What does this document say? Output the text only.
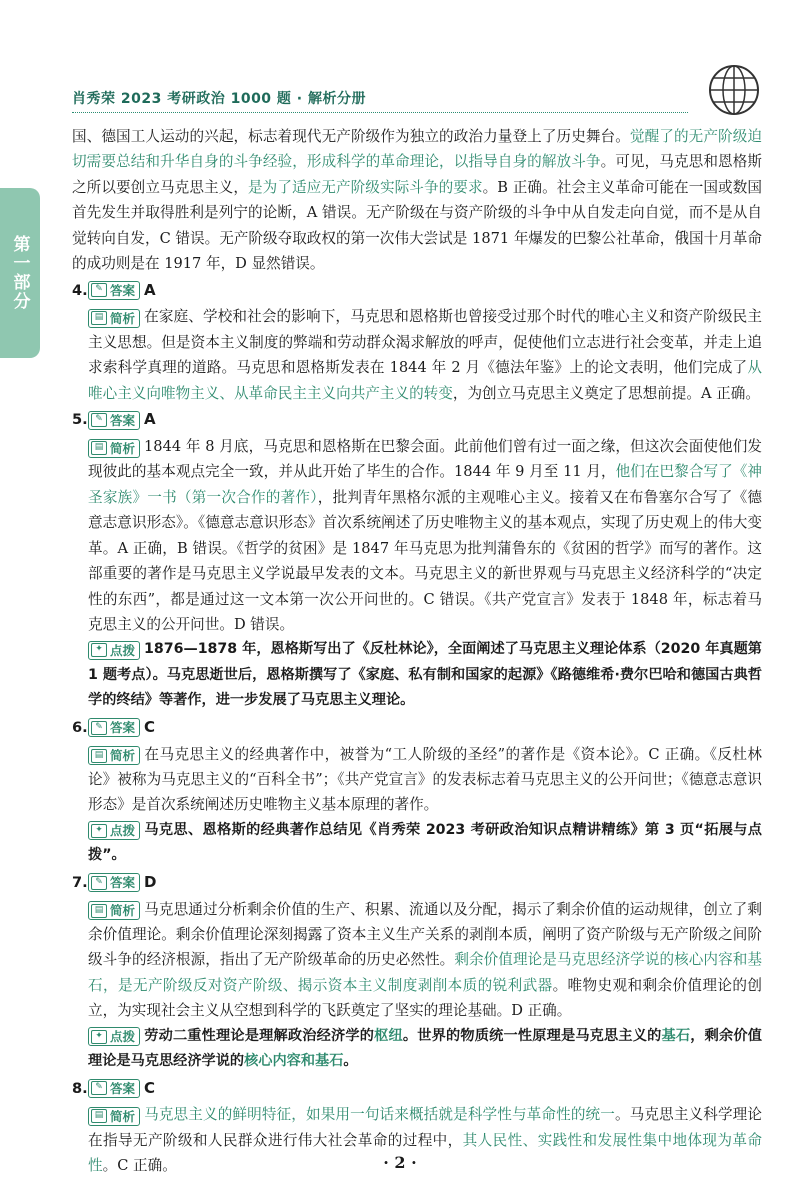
肖秀荣 2023 考研政治 1000 题 · 解析分册
第一部分

国、德国工人运动的兴起，标志着现代无产阶级作为独立的政治力量登上了历史舞台。觉醒了的无产阶级迫切需要总结和升华自身的斗争经验，形成科学的革命理论，以指导自身的解放斗争。可见，马克思和恩格斯之所以要创立马克思主义，是为了适应无产阶级实际斗争的要求。B 正确。社会主义革命可能在一国或数国首先发生并取得胜利是列宁的论断，A 错误。无产阶级在与资产阶级的斗争中从自发走向自觉，而不是从自觉转向自发，C 错误。无产阶级夺取政权的第一次伟大尝试是 1871 年爆发的巴黎公社革命，俄国十月革命的成功则是在 1917 年，D 显然错误。

4. ✎ 答案 A

▤ 简析 在家庭、学校和社会的影响下，马克思和恩格斯也曾接受过那个时代的唯心主义和资产阶级民主主义思想。但是资本主义制度的弊端和劳动群众渴求解放的呼声，促使他们立志进行社会变革，并走上追求索科学真理的道路。马克思和恩格斯发表在 1844 年 2 月《德法年鉴》上的论文表明，他们完成了从唯心主义向唯物主义、从革命民主主义向共产主义的转变，为创立马克思主义奠定了思想前提。A 正确。

5. ✎ 答案 A

▤ 简析 1844 年 8 月底，马克思和恩格斯在巴黎会面。此前他们曾有过一面之缘，但这次会面使他们发现彼此的基本观点完全一致，并从此开始了毕生的合作。1844 年 9 月至 11 月，他们在巴黎合写了《神圣家族》一书（第一次合作的著作），批判青年黑格尔派的主观唯心主义。接着又在布鲁塞尔合写了《德意志意识形态》。《德意志意识形态》首次系统阐述了历史唯物主义的基本观点，实现了历史观上的伟大变革。A 正确，B 错误。《哲学的贫困》是 1847 年马克思为批判蒲鲁东的《贫困的哲学》而写的著作。这部重要的著作是马克思主义学说最早发表的文本。马克思主义的新世界观与马克思主义经济科学的“决定性的东西”，都是通过这一文本第一次公开问世的。C 错误。《共产党宣言》发表于 1848 年，标志着马克思主义的公开问世。D 错误。

✦ 点拨 1876—1878 年，恩格斯写出了《反杜林论》，全面阐述了马克思主义理论体系（2020 年真题第 1 题考点）。马克思逝世后，恩格斯撰写了《家庭、私有制和国家的起源》《路德维希·费尔巴哈和德国古典哲学的终结》等著作，进一步发展了马克思主义理论。

6. ✎ 答案 C

▤ 简析 在马克思主义的经典著作中，被誉为“工人阶级的圣经”的著作是《资本论》。C 正确。《反杜林论》被称为马克思主义的“百科全书”；《共产党宣言》的发表标志着马克思主义的公开问世；《德意志意识形态》是首次系统阐述历史唯物主义基本原理的著作。

✦ 点拨 马克思、恩格斯的经典著作总结见《肖秀荣 2023 考研政治知识点精讲精练》第 3 页“拓展与点拨”。

7. ✎ 答案 D

▤ 简析 马克思通过分析剩余价值的生产、积累、流通以及分配，揭示了剩余价值的运动规律，创立了剩余价值理论。剩余价值理论深刻揭露了资本主义生产关系的剥削本质，阐明了资产阶级与无产阶级之间阶级斗争的经济根源，指出了无产阶级革命的历史必然性。剩余价值理论是马克思经济学说的核心内容和基石，是无产阶级反对资产阶级、揭示资本主义制度剥削本质的锐利武器。唯物史观和剩余价值理论的创立，为实现社会主义从空想到科学的飞跃奠定了坚实的理论基础。D 正确。

✦ 点拨 劳动二重性理论是理解政治经济学的枢纽。世界的物质统一性原理是马克思主义的基石，剩余价值理论是马克思经济学说的核心内容和基石。

8. ✎ 答案 C

▤ 简析 马克思主义的鲜明特征，如果用一句话来概括就是科学性与革命性的统一。马克思主义科学理论在指导无产阶级和人民群众进行伟大社会革命的过程中，其人民性、实践性和发展性集中地体现为革命性。C 正确。	· 2 ·
